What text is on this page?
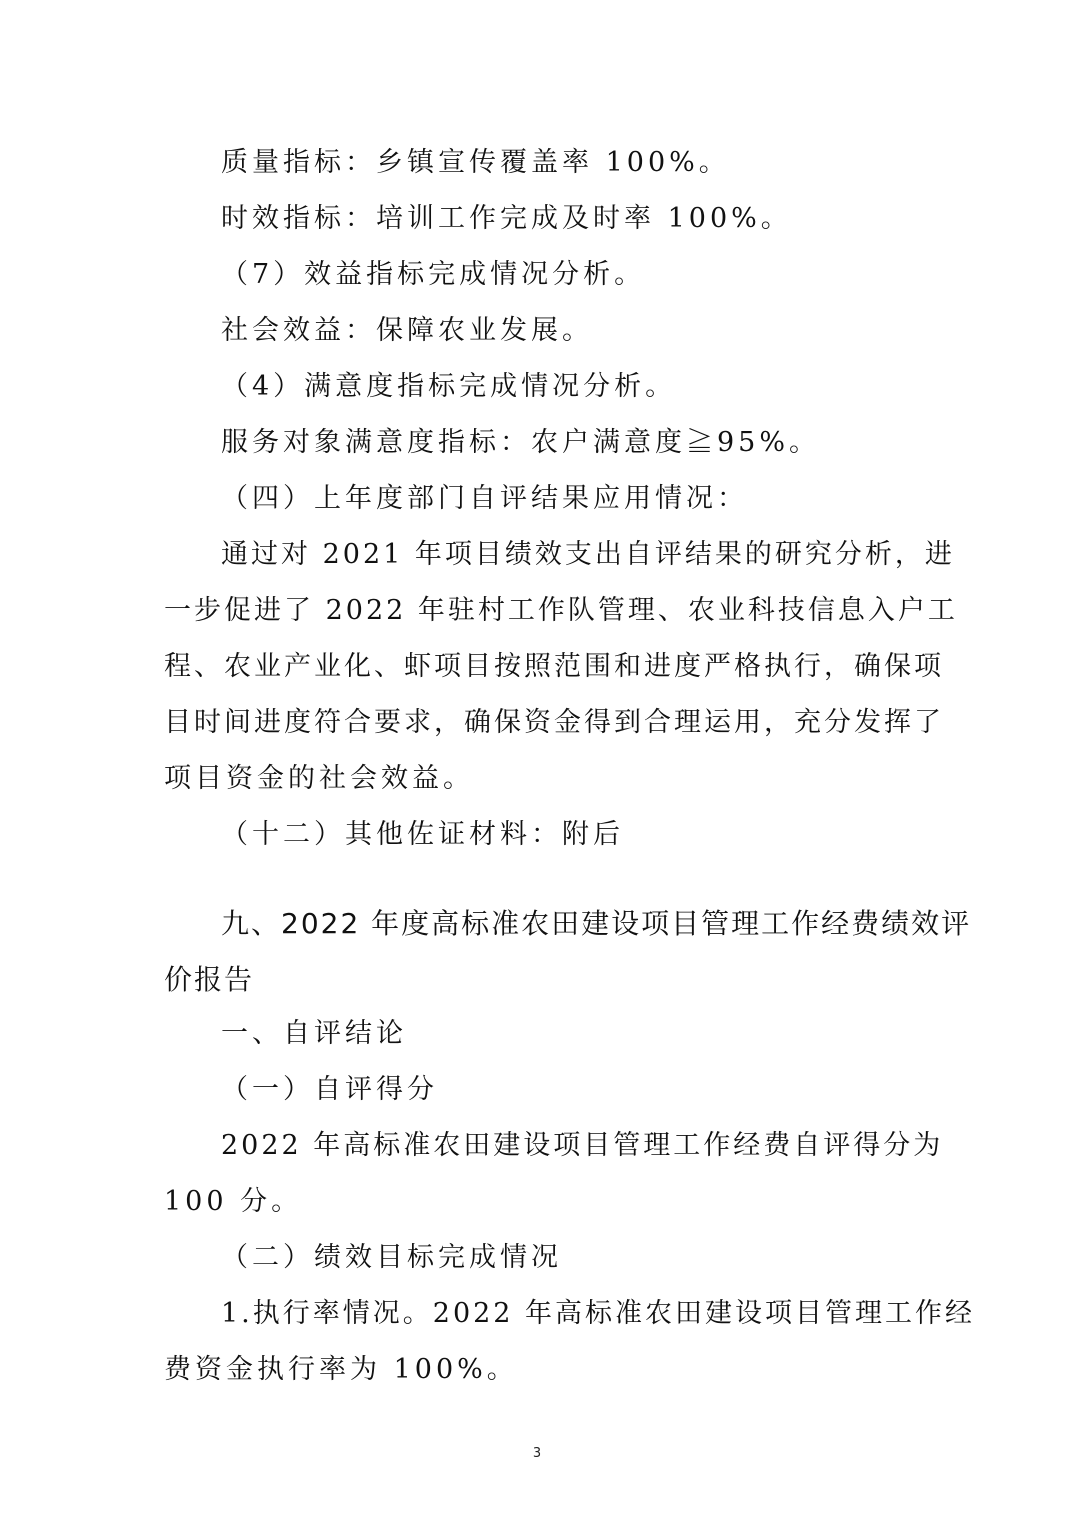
质量指标：乡镇宣传覆盖率 100%。
时效指标：培训工作完成及时率 100%。
（7）效益指标完成情况分析。
社会效益：保障农业发展。
（4）满意度指标完成情况分析。
服务对象满意度指标：农户满意度≧95%。
（四）上年度部门自评结果应用情况：
通过对 2021 年项目绩效支出自评结果的研究分析，进
一步促进了 2022 年驻村工作队管理、农业科技信息入户工
程、农业产业化、虾项目按照范围和进度严格执行，确保项
目时间进度符合要求，确保资金得到合理运用，充分发挥了
项目资金的社会效益。
（十二）其他佐证材料：附后
九、2022 年度高标准农田建设项目管理工作经费绩效评
价报告
一、自评结论
（一）自评得分
2022 年高标准农田建设项目管理工作经费自评得分为
100 分。
（二）绩效目标完成情况
1.执行率情况。2022 年高标准农田建设项目管理工作经
费资金执行率为 100%。
3
